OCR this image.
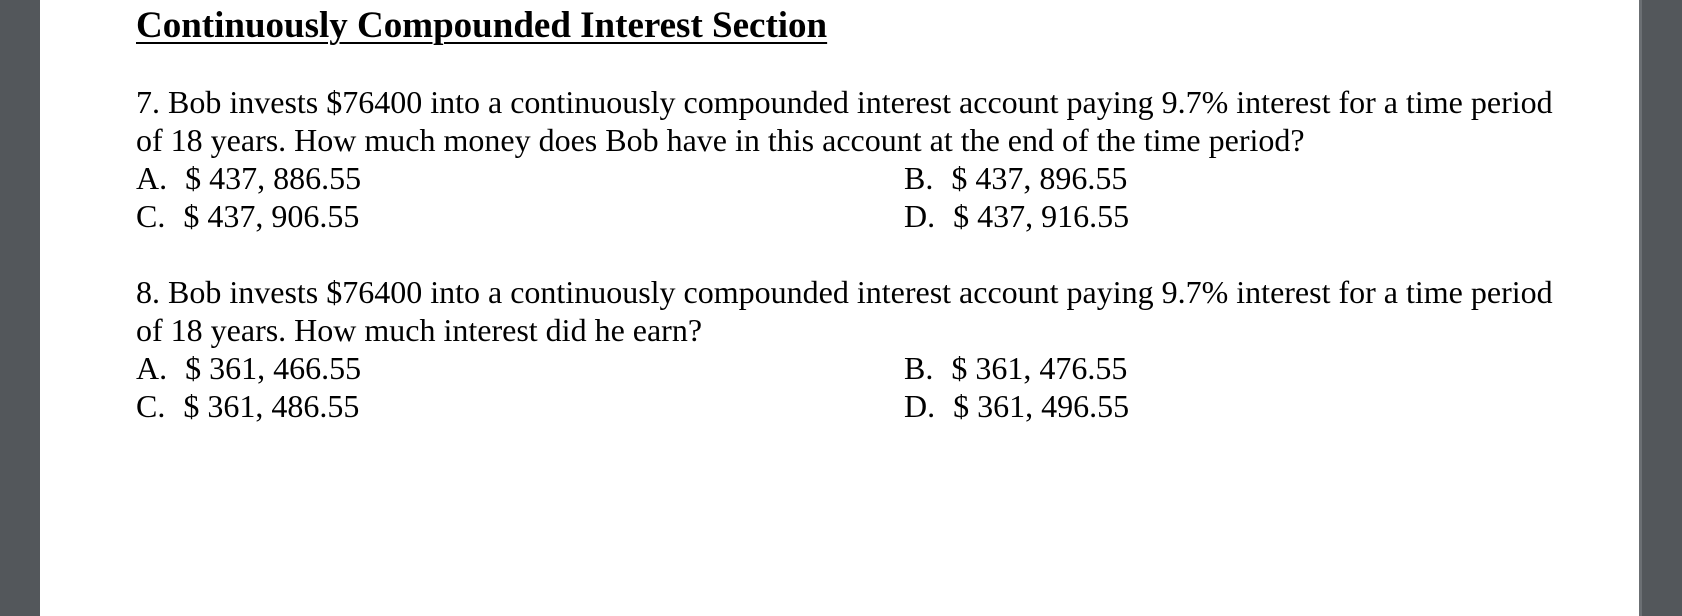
Continuously Compounded Interest Section
7. Bob invests $76400 into a continuously compounded interest account paying 9.7% interest for a time period
of 18 years. How much money does Bob have in this account at the end of the time period?
A. $ 437, 886.55	B. $ 437, 896.55
C. $ 437, 906.55	D. $ 437, 916.55
8. Bob invests $76400 into a continuously compounded interest account paying 9.7% interest for a time period
of 18 years. How much interest did he earn?
A. $ 361, 466.55	B. $ 361, 476.55
C. $ 361, 486.55	D. $ 361, 496.55
